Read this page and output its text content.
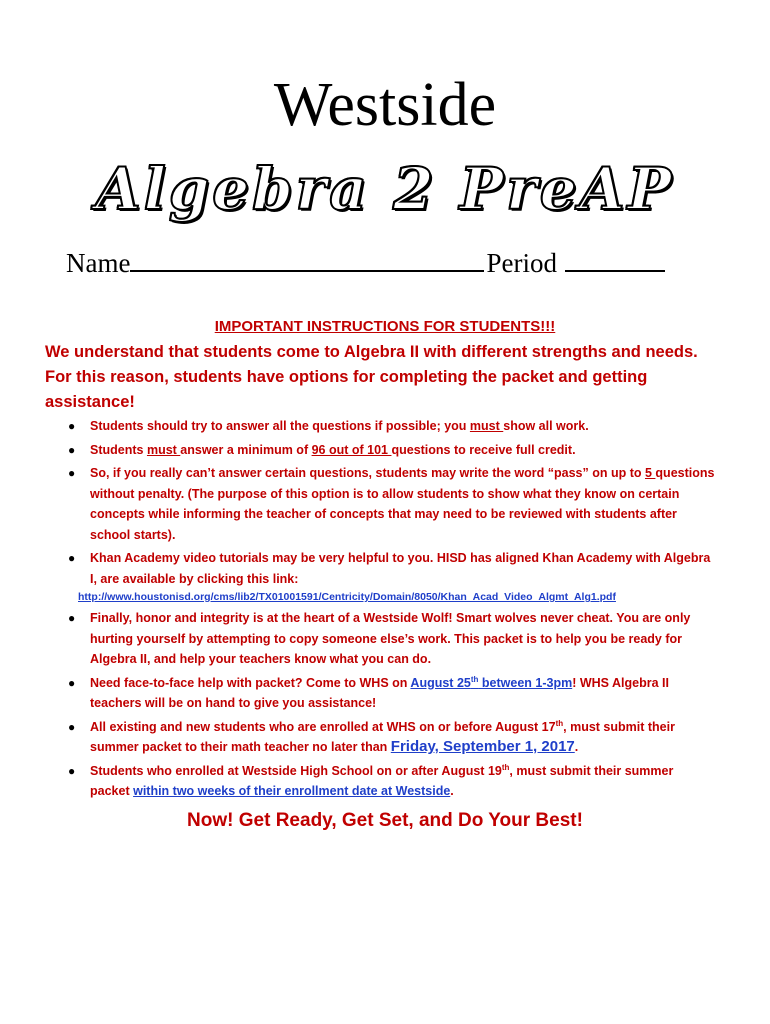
Westside
Algebra 2 PreAP
Name	Period
IMPORTANT INSTRUCTIONS FOR STUDENTS!!!
We understand that students come to Algebra II with different strengths and needs. For this reason, students have options for completing the packet and getting assistance!
● Students should try to answer all the questions if possible; you must show all work.
● Students must answer a minimum of 96 out of 101 questions to receive full credit.
● So, if you really can’t answer certain questions, students may write the word “pass” on up to 5 questions without penalty. (The purpose of this option is to allow students to show what they know on certain concepts while informing the teacher of concepts that may need to be reviewed with students after school starts).
● Khan Academy video tutorials may be very helpful to you. HISD has aligned Khan Academy with Algebra I, are available by clicking this link:
http://www.houstonisd.org/cms/lib2/TX01001591/Centricity/Domain/8050/Khan_Acad_Video_Algmt_Alg1.pdf
● Finally, honor and integrity is at the heart of a Westside Wolf! Smart wolves never cheat. You are only hurting yourself by attempting to copy someone else’s work. This packet is to help you be ready for Algebra II, and help your teachers know what you can do.
● Need face-to-face help with packet? Come to WHS on August 25th between 1-3pm! WHS Algebra II teachers will be on hand to give you assistance!
● All existing and new students who are enrolled at WHS on or before August 17th, must submit their summer packet to their math teacher no later than Friday, September 1, 2017.
● Students who enrolled at Westside High School on or after August 19th, must submit their summer packet within two weeks of their enrollment date at Westside.
Now! Get Ready, Get Set, and Do Your Best!
